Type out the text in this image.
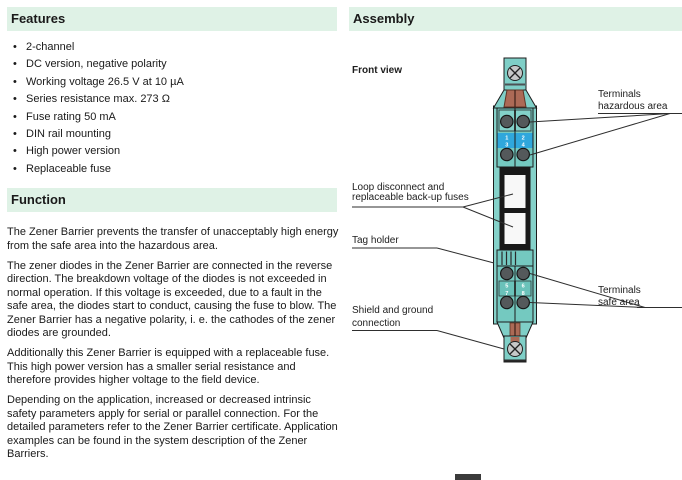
Features
• 2-channel
• DC version, negative polarity
• Working voltage 26.5 V at 10 µA
• Series resistance max. 273 Ω
• Fuse rating 50 mA
• DIN rail mounting
• High power version
• Replaceable fuse
Function

The Zener Barrier prevents the transfer of unacceptably high energy from the safe area into the hazardous area.

The zener diodes in the Zener Barrier are connected in the reverse direction. The breakdown voltage of the diodes is not exceeded in normal operation. If this voltage is exceeded, due to a fault in the safe area, the diodes start to conduct, causing the fuse to blow. The Zener Barrier has a negative polarity, i. e. the cathodes of the zener diodes are grounded.

Additionally this Zener Barrier is equipped with a replaceable fuse. This high power version has a smaller serial resistance and therefore provides higher voltage to the field device.

Depending on the application, increased or decreased intrinsic safety parameters apply for serial or parallel connection. For the detailed parameters refer to the Zener Barrier certificate. Application examples can be found in the system description of the Zener Barriers.

Assembly
Front view
1 2
3 4
5 6
7 8
Terminals
hazardous area
Loop disconnect and
replaceable back-up fuses
Tag holder
Terminals
safe area
Shield and ground
connection
